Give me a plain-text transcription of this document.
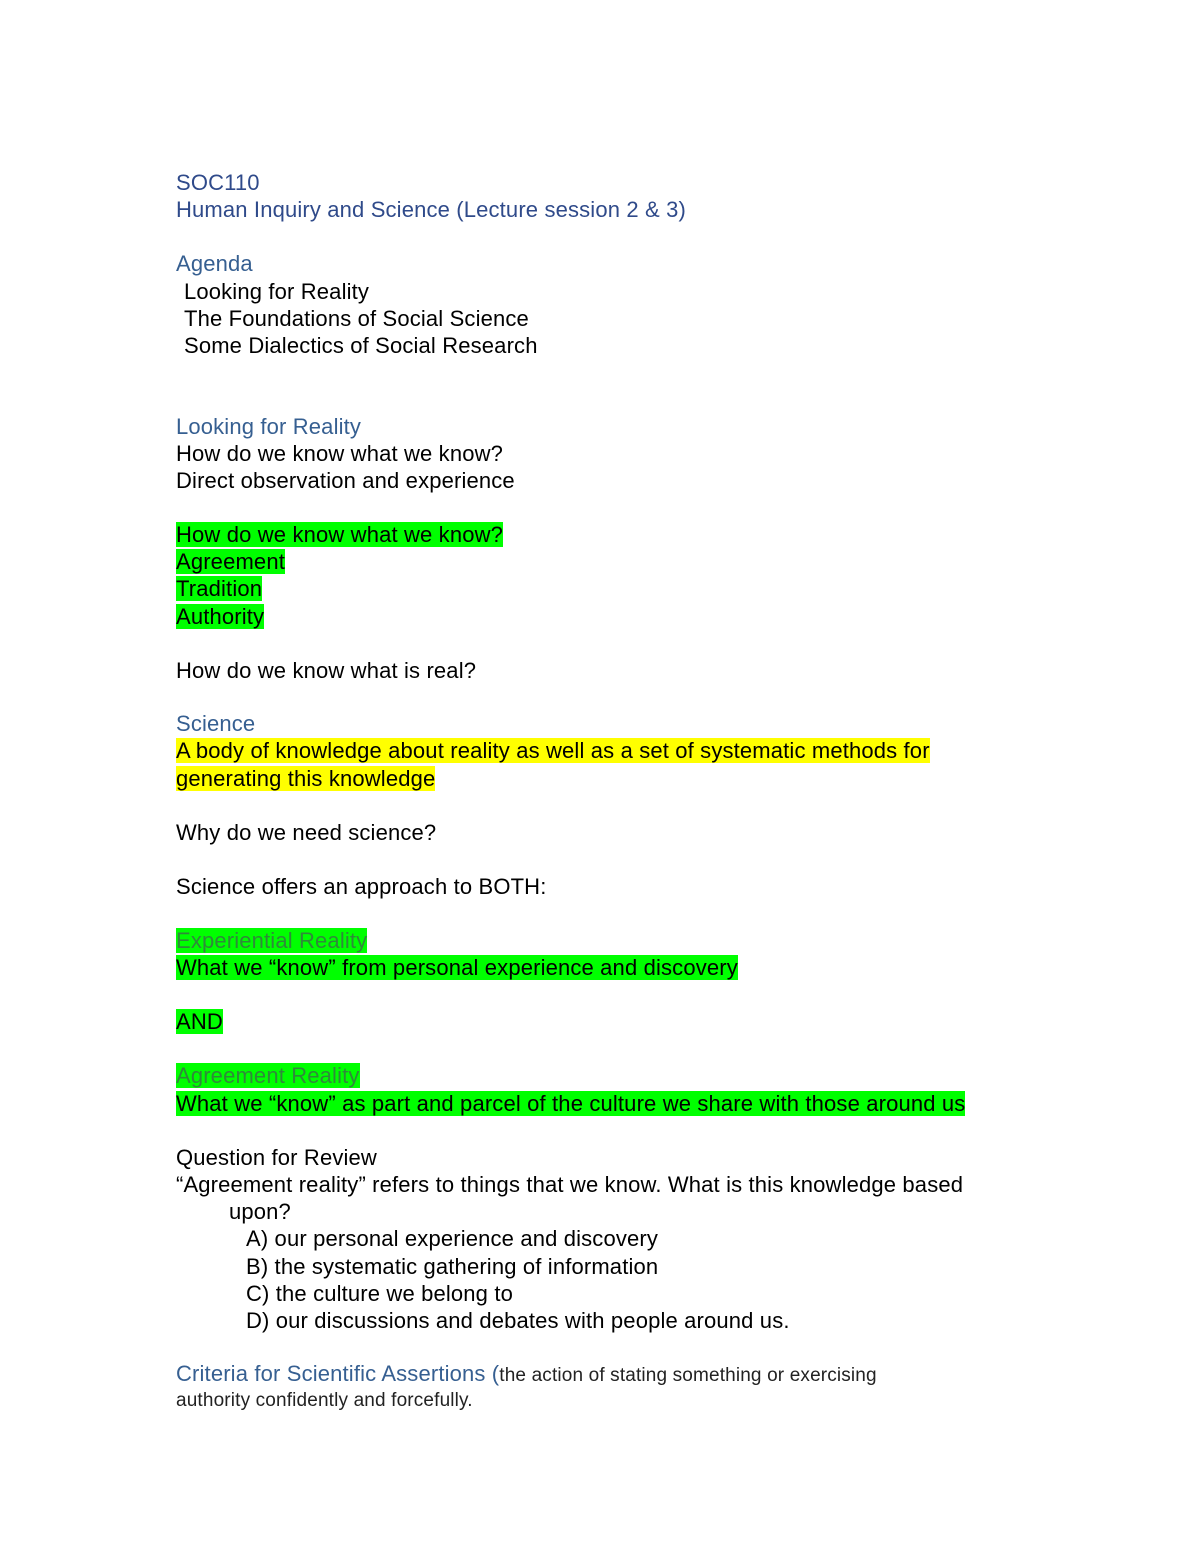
SOC110
Human Inquiry and Science (Lecture session 2 & 3)
Agenda
Looking for Reality
The Foundations of Social Science
Some Dialectics of Social Research
Looking for Reality
How do we know what we know?
Direct observation and experience
How do we know what we know?
Agreement
Tradition
Authority
How do we know what is real?
Science
A body of knowledge about reality as well as a set of systematic methods for
generating this knowledge
Why do we need science?
Science offers an approach to BOTH:
Experiential Reality
What we “know” from personal experience and discovery
AND
Agreement Reality
What we “know” as part and parcel of the culture we share with those around us
Question for Review
“Agreement reality” refers to things that we know. What is this knowledge based
upon?
A) our personal experience and discovery
B) the systematic gathering of information
C) the culture we belong to
D) our discussions and debates with people around us.
Criteria for Scientific Assertions (the action of stating something or exercising
authority confidently and forcefully.
